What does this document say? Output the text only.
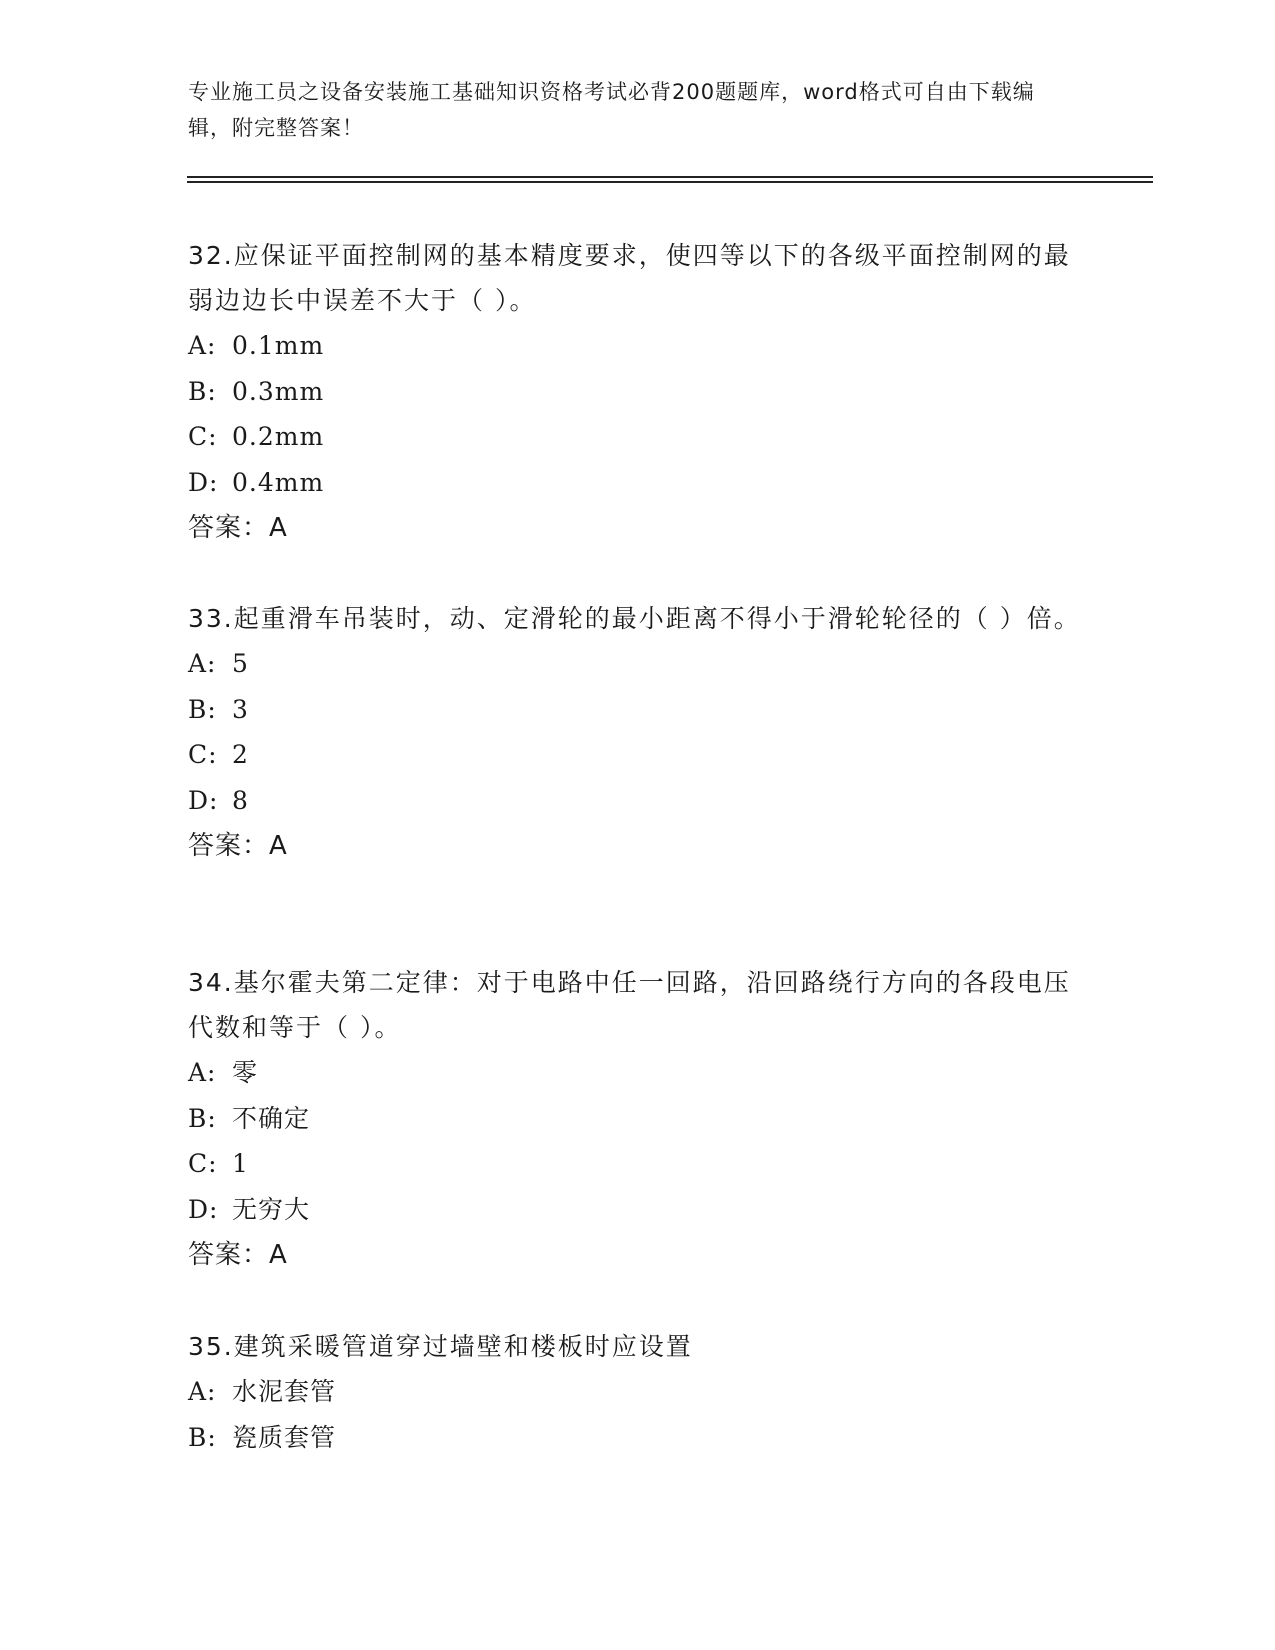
专业施工员之设备安装施工基础知识资格考试必背200题题库，word格式可自由下载编辑，附完整答案！

32.应保证平面控制网的基本精度要求，使四等以下的各级平面控制网的最弱边边长中误差不大于（ ）。

A: 0.1mm

B: 0.3mm

C: 0.2mm

D: 0.4mm

答案：A

33.起重滑车吊装时，动、定滑轮的最小距离不得小于滑轮轮径的（ ）倍。

A: 5

B: 3

C: 2

D: 8

答案：A

34.基尔霍夫第二定律：对于电路中任一回路，沿回路绕行方向的各段电压代数和等于（ ）。

A: 零

B: 不确定

C: 1

D: 无穷大

答案：A

35.建筑采暖管道穿过墙壁和楼板时应设置

A: 水泥套管

B: 瓷质套管
